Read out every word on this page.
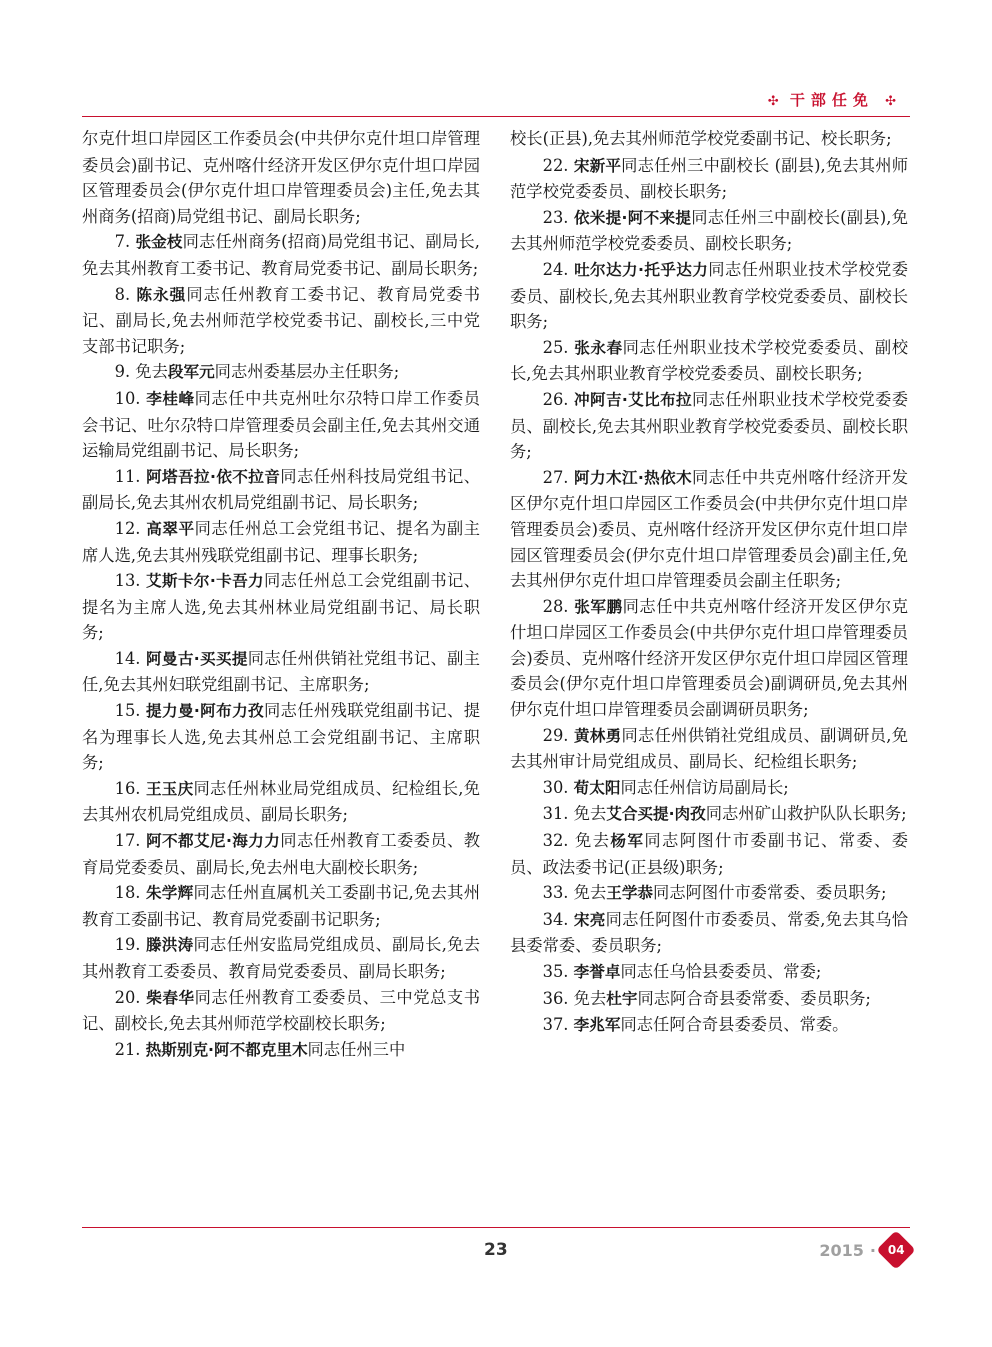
✣ 干部任免 ✣

尔克什坦口岸园区工作委员会(中共伊尔克什坦口岸管理委员会)副书记、克州喀什经济开发区伊尔克什坦口岸园区管理委员会(伊尔克什坦口岸管理委员会)主任,免去其州商务(招商)局党组书记、副局长职务;

7. 张金枝同志任州商务(招商)局党组书记、副局长,免去其州教育工委书记、教育局党委书记、副局长职务;

8. 陈永强同志任州教育工委书记、教育局党委书记、副局长,免去州师范学校党委书记、副校长,三中党支部书记职务;

9. 免去段军元同志州委基层办主任职务;

10. 李桂峰同志任中共克州吐尔尕特口岸工作委员会书记、吐尔尕特口岸管理委员会副主任,免去其州交通运输局党组副书记、局长职务;

11. 阿塔吾拉·依不拉音同志任州科技局党组书记、副局长,免去其州农机局党组副书记、局长职务;

12. 高翠平同志任州总工会党组书记、提名为副主席人选,免去其州残联党组副书记、理事长职务;

13. 艾斯卡尔·卡吾力同志任州总工会党组副书记、提名为主席人选,免去其州林业局党组副书记、局长职务;

14. 阿曼古·买买提同志任州供销社党组书记、副主任,免去其州妇联党组副书记、主席职务;

15. 提力曼·阿布力孜同志任州残联党组副书记、提名为理事长人选,免去其州总工会党组副书记、主席职务;

16. 王玉庆同志任州林业局党组成员、纪检组长,免去其州农机局党组成员、副局长职务;

17. 阿不都艾尼·海力力同志任州教育工委委员、教育局党委委员、副局长,免去州电大副校长职务;

18. 朱学辉同志任州直属机关工委副书记,免去其州教育工委副书记、教育局党委副书记职务;

19. 滕洪涛同志任州安监局党组成员、副局长,免去其州教育工委委员、教育局党委委员、副局长职务;

20. 柴春华同志任州教育工委委员、三中党总支书记、副校长,免去其州师范学校副校长职务;

21. 热斯别克·阿不都克里木同志任州三中

校长(正县),免去其州师范学校党委副书记、校长职务;

22. 宋新平同志任州三中副校长 (副县),免去其州师范学校党委委员、副校长职务;

23. 依米提·阿不来提同志任州三中副校长(副县),免去其州师范学校党委委员、副校长职务;

24. 吐尔达力·托乎达力同志任州职业技术学校党委委员、副校长,免去其州职业教育学校党委委员、副校长职务;

25. 张永春同志任州职业技术学校党委委员、副校长,免去其州职业教育学校党委委员、副校长职务;

26. 冲阿吉·艾比布拉同志任州职业技术学校党委委员、副校长,免去其州职业教育学校党委委员、副校长职务;

27. 阿力木江·热依木同志任中共克州喀什经济开发区伊尔克什坦口岸园区工作委员会(中共伊尔克什坦口岸管理委员会)委员、克州喀什经济开发区伊尔克什坦口岸园区管理委员会(伊尔克什坦口岸管理委员会)副主任,免去其州伊尔克什坦口岸管理委员会副主任职务;

28. 张军鹏同志任中共克州喀什经济开发区伊尔克什坦口岸园区工作委员会(中共伊尔克什坦口岸管理委员会)委员、克州喀什经济开发区伊尔克什坦口岸园区管理委员会(伊尔克什坦口岸管理委员会)副调研员,免去其州伊尔克什坦口岸管理委员会副调研员职务;

29. 黄林勇同志任州供销社党组成员、副调研员,免去其州审计局党组成员、副局长、纪检组长职务;

30. 荀太阳同志任州信访局副局长;

31. 免去艾合买提·肉孜同志州矿山救护队队长职务;

32. 免去杨军同志阿图什市委副书记、常委、委员、政法委书记(正县级)职务;

33. 免去王学恭同志阿图什市委常委、委员职务;

34. 宋亮同志任阿图什市委委员、常委,免去其乌恰县委常委、委员职务;

35. 李誉卓同志任乌恰县委委员、常委;

36. 免去杜宇同志阿合奇县委常委、委员职务;

37. 李兆军同志任阿合奇县委委员、常委。

23	2015 · 04
